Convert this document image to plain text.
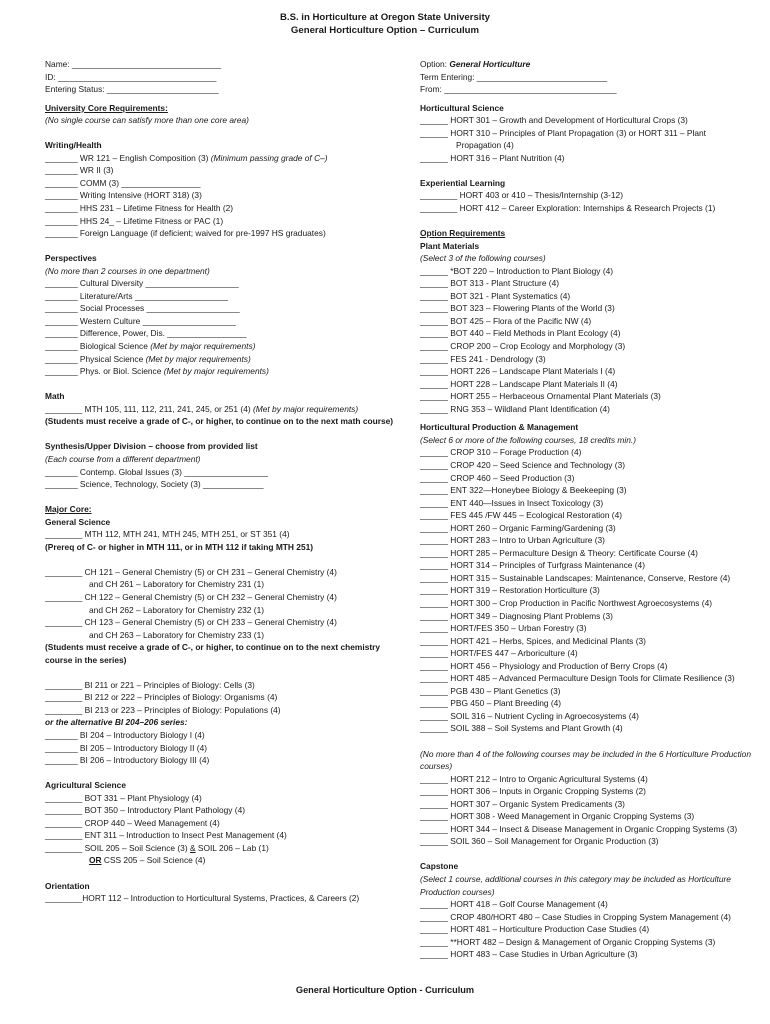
B.S. in Horticulture at Oregon State University
General Horticulture Option – Curriculum
Name: ________________________________
ID: __________________________________
Entering Status: ________________________
University Core Requirements:
(No single course can satisfy more than one core area)
Writing/Health
_______ WR 121 – English Composition (3) (Minimum passing grade of C–)
_______ WR II (3)
_______ COMM (3) _________________
_______ Writing Intensive (HORT 318) (3)
_______ HHS 231 – Lifetime Fitness for Health (2)
_______ HHS 24_ – Lifetime Fitness or PAC (1)
_______ Foreign Language (if deficient; waived for pre-1997 HS graduates)
Perspectives
(No more than 2 courses in one department)
_______ Cultural Diversity ____________________
_______ Literature/Arts ____________________
_______ Social Processes ____________________
_______ Western Culture ____________________
_______ Difference, Power, Dis. _________________
_______ Biological Science (Met by major requirements)
_______ Physical Science (Met by major requirements)
_______ Phys. or Biol. Science (Met by major requirements)
Math
________ MTH 105, 111, 112, 211, 241, 245, or 251 (4) (Met by major requirements)
(Students must receive a grade of C-, or higher, to continue on to the next math course)
Synthesis/Upper Division – choose from provided list
(Each course from a different department)
_______ Contemp. Global Issues (3) __________________
_______ Science, Technology, Society (3) _____________
Major Core:
General Science
________ MTH 112, MTH 241, MTH 245, MTH 251, or ST 351 (4)
(Prereq of C- or higher in MTH 111, or in MTH 112 if taking MTH 251)
________ CH 121 – General Chemistry (5) or CH 231 – General Chemistry (4)
and CH 261 – Laboratory for Chemistry 231 (1)
________ CH 122 – General Chemistry (5) or CH 232 – General Chemistry (4)
and CH 262 – Laboratory for Chemistry 232 (1)
________ CH 123 – General Chemistry (5) or CH 233 – General Chemistry (4)
and CH 263 – Laboratory for Chemistry 233 (1)
(Students must receive a grade of C-, or higher, to continue on to the next chemistry course in the series)
________ BI 211 or 221 – Principles of Biology: Cells (3)
________ BI 212 or 222 – Principles of Biology: Organisms (4)
________ BI 213 or 223 – Principles of Biology: Populations (4)
or the alternative BI 204–206 series:
_______ BI 204 – Introductory Biology I (4)
_______ BI 205 – Introductory Biology II (4)
_______ BI 206 – Introductory Biology III (4)
Agricultural Science
________ BOT 331 – Plant Physiology (4)
________ BOT 350 – Introductory Plant Pathology (4)
________ CROP 440 – Weed Management (4)
________ ENT 311 – Introduction to Insect Pest Management (4)
________ SOIL 205 – Soil Science (3) & SOIL 206 – Lab (1)
OR CSS 205 – Soil Science (4)
Orientation
________HORT 112 – Introduction to Horticultural Systems, Practices, & Careers (2)
Option: General Horticulture
Term Entering: ____________________________
From: _____________________________________
Horticultural Science
______ HORT 301 – Growth and Development of Horticultural Crops (3)
______ HORT 310 – Principles of Plant Propagation (3) or HORT 311 – Plant
Propagation (4)
______ HORT 316 – Plant Nutrition (4)
Experiential Learning
________ HORT 403 or 410 – Thesis/Internship (3-12)
________ HORT 412 – Career Exploration: Internships & Research Projects (1)
Option Requirements
Plant Materials
(Select 3 of the following courses)
______ *BOT 220 – Introduction to Plant Biology (4)
______ BOT 313 - Plant Structure (4)
______ BOT 321 - Plant Systematics (4)
______ BOT 323 – Flowering Plants of the World (3)
______ BOT 425 – Flora of the Pacific NW (4)
______ BOT 440 – Field Methods in Plant Ecology (4)
______ CROP 200 – Crop Ecology and Morphology (3)
______ FES 241 - Dendrology (3)
______ HORT 226 – Landscape Plant Materials I (4)
______ HORT 228 – Landscape Plant Materials II (4)
______ HORT 255 – Herbaceous Ornamental Plant Materials (3)
______ RNG 353 – Wildland Plant Identification (4)
Horticultural Production & Management
(Select 6 or more of the following courses, 18 credits min.)
______ CROP 310 – Forage Production (4)
______ CROP 420 – Seed Science and Technology (3)
______ CROP 460 – Seed Production (3)
______ ENT 322—Honeybee Biology & Beekeeping (3)
______ ENT 440—Issues in Insect Toxicology (3)
______ FES 445 /FW 445 – Ecological Restoration (4)
______ HORT 260 – Organic Farming/Gardening (3)
______ HORT 283 – Intro to Urban Agriculture (3)
______ HORT 285 – Permaculture Design & Theory: Certificate Course (4)
______ HORT 314 – Principles of Turfgrass Maintenance (4)
______ HORT 315 – Sustainable Landscapes: Maintenance, Conserve, Restore (4)
______ HORT 319 – Restoration Horticulture (3)
______ HORT 300 – Crop Production in Pacific Northwest Agroecosystems (4)
______ HORT 349 – Diagnosing Plant Problems (3)
______ HORT/FES 350 – Urban Forestry (3)
______ HORT 421 – Herbs, Spices, and Medicinal Plants (3)
______ HORT/FES 447 – Arboriculture (4)
______ HORT 456 – Physiology and Production of Berry Crops (4)
______ HORT 485 – Advanced Permaculture Design Tools for Climate Resilience (3)
______ PGB 430 – Plant Genetics (3)
______ PBG 450 – Plant Breeding (4)
______ SOIL 316 – Nutrient Cycling in Agroecosystems (4)
______ SOIL 388 – Soil Systems and Plant Growth (4)
(No more than 4 of the following courses may be included in the 6 Horticulture Production courses)
______ HORT 212 – Intro to Organic Agricultural Systems (4)
______ HORT 306 – Inputs in Organic Cropping Systems (2)
______ HORT 307 – Organic System Predicaments (3)
______ HORT 308 - Weed Management in Organic Cropping Systems (3)
______ HORT 344 – Insect & Disease Management in Organic Cropping Systems (3)
______ SOIL 360 – Soil Management for Organic Production (3)
Capstone
(Select 1 course, additional courses in this category may be included as Horticulture Production courses)
______ HORT 418 – Golf Course Management (4)
______ CROP 480/HORT 480 – Case Studies in Cropping System Management (4)
______ HORT 481 – Horticulture Production Case Studies (4)
______ **HORT 482 – Design & Management of Organic Cropping Systems (3)
______ HORT 483 – Case Studies in Urban Agriculture (3)
General Horticulture Option - Curriculum
